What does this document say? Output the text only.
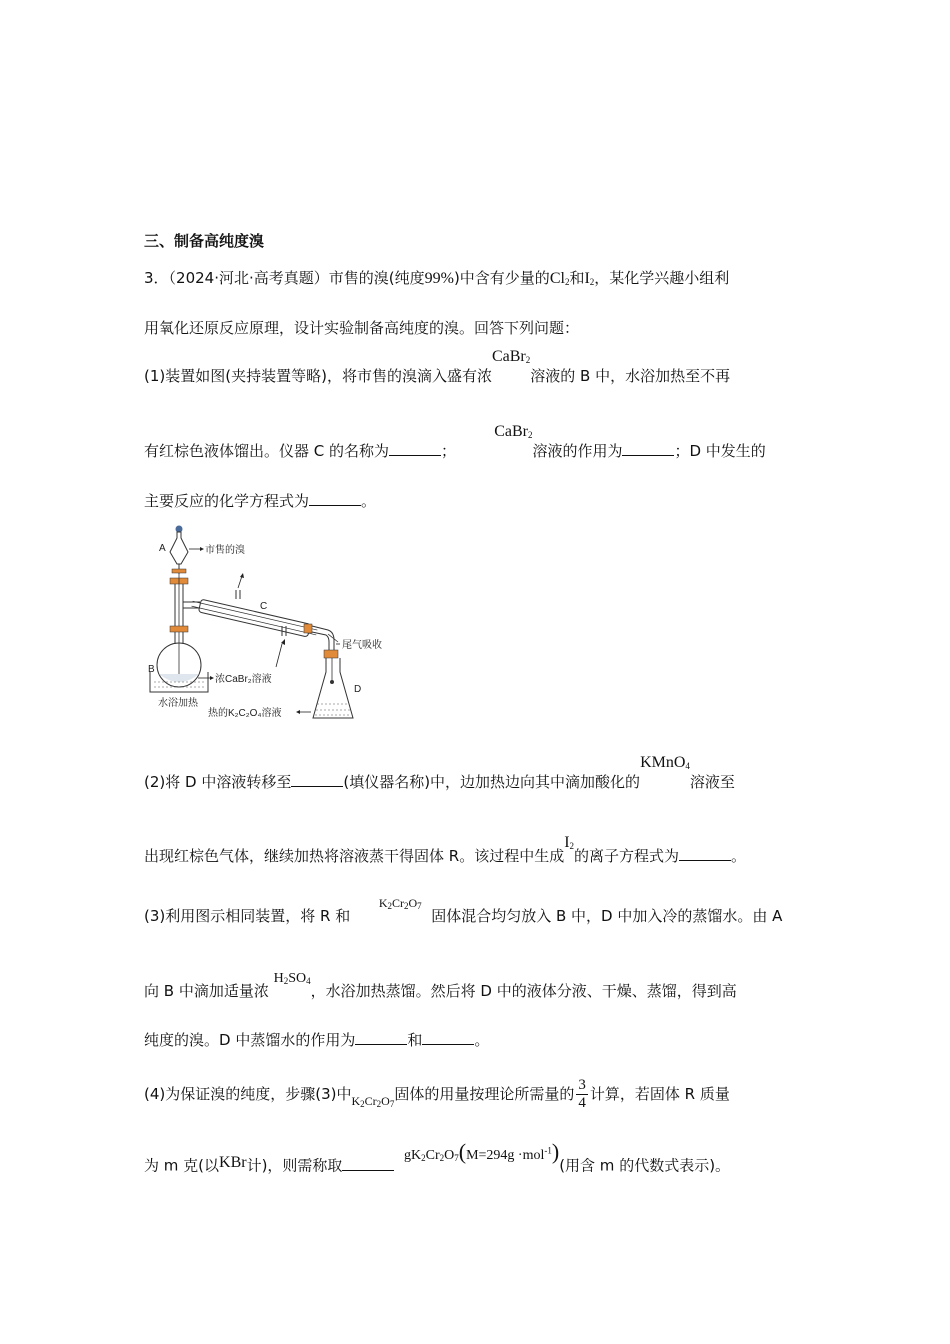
三、制备高纯度溴
3．（2024·河北·高考真题）市售的溴(纯度99%)中含有少量的$Cl_2$和$I_2$，某化学兴趣小组利
用氧化还原反应原理，设计实验制备高纯度的溴。回答下列问题：
(1)装置如图(夹持装置等略)，将市售的溴滴入盛有浓CaBr$_2$溶液的 B 中，水浴加热至不再
有红棕色液体馏出。仪器 C 的名称为	；        CaBr$_2$溶液的作用为	；D 中发生的
主要反应的化学方程式为	。
A	市售的溴
B
水浴加热
浓CaBr₂溶液
C
尾气吸收
D
热的K₂C₂O₄溶液
(2)将 D 中溶液转移至	(填仪器名称)中，边加热边向其中滴加酸化的KMnO$_4$溶液至
出现红棕色气体，继续加热将溶液蒸干得固体 R。该过程中生成$I_2$的离子方程式为	。
(3)利用图示相同装置，将 R 和      $^{K_2Cr_2O_7}$  固体混合均匀放入 B 中，D 中加入冷的蒸馏水。由 A
向 B 中滴加适量浓 $H_2SO_4$，水浴加热蒸馏。然后将 D 中的液体分液、干燥、蒸馏，得到高
纯度的溴。D 中蒸馏水的作用为	和	。
(4)为保证溴的纯度，步骤(3)中$_{K_2Cr_2O_7}$固体的用量按理论所需量的 $\frac{3}{4}$ 计算，若固体 R 质量
为 m 克(以KBr计)，则需称取  $gK_2Cr_2O_7(M=294g \cdot mol^{-1})$(用含 m 的代数式表示)。
